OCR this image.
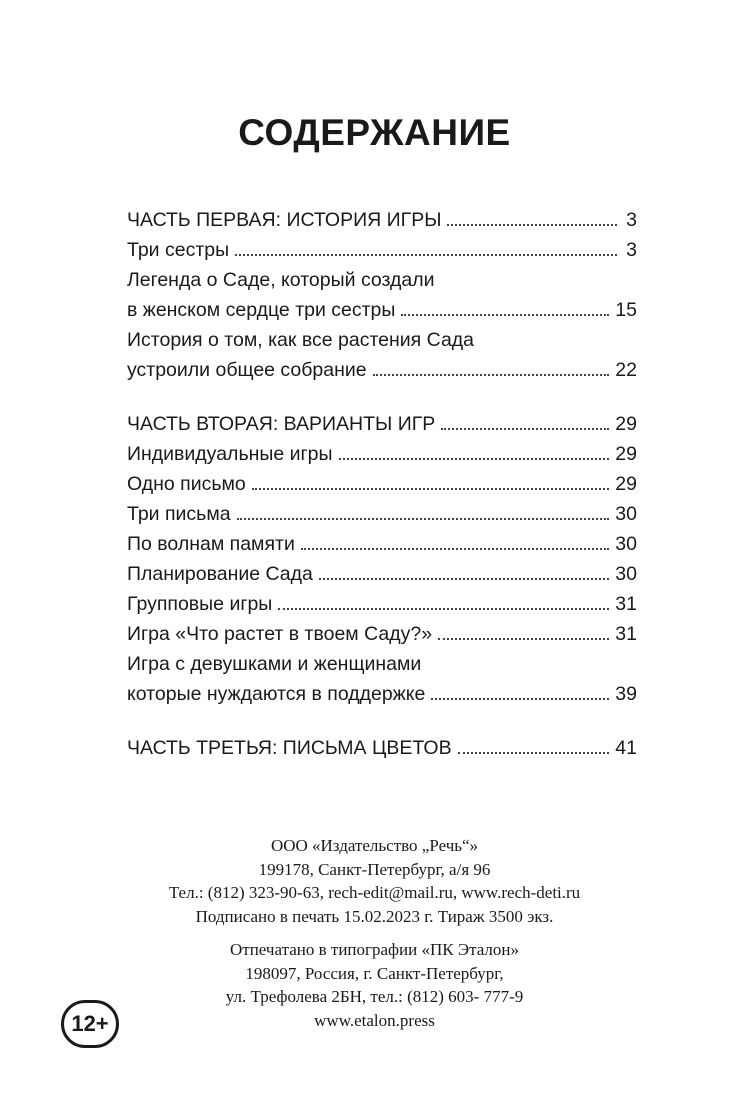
СОДЕРЖАНИЕ
ЧАСТЬ ПЕРВАЯ: ИСТОРИЯ ИГРЫ	3
Три сестры	3
Легенда о Саде, который создали
в женском сердце три сестры	15
История о том, как все растения Сада
устроили общее собрание	22
ЧАСТЬ ВТОРАЯ: ВАРИАНТЫ ИГР	29
Индивидуальные игры	29
Одно письмо	29
Три письма	30
По волнам памяти	30
Планирование Сада	30
Групповые игры	31
Игра «Что растет в твоем Саду?»	31
Игра с девушками и женщинами
которые нуждаются в поддержке	39
ЧАСТЬ ТРЕТЬЯ: ПИСЬМА ЦВЕТОВ	41
ООО «Издательство „Речь“»
199178, Санкт-Петербург, а/я 96
Тел.: (812) 323-90-63, rech-edit@mail.ru, www.rech-deti.ru
Подписано в печать 15.02.2023 г. Тираж 3500 экз.
Отпечатано в типографии «ПК Эталон»
198097, Россия, г. Санкт-Петербург,
ул. Трефолева 2БН, тел.: (812) 603- 777-9
www.etalon.press
12+
